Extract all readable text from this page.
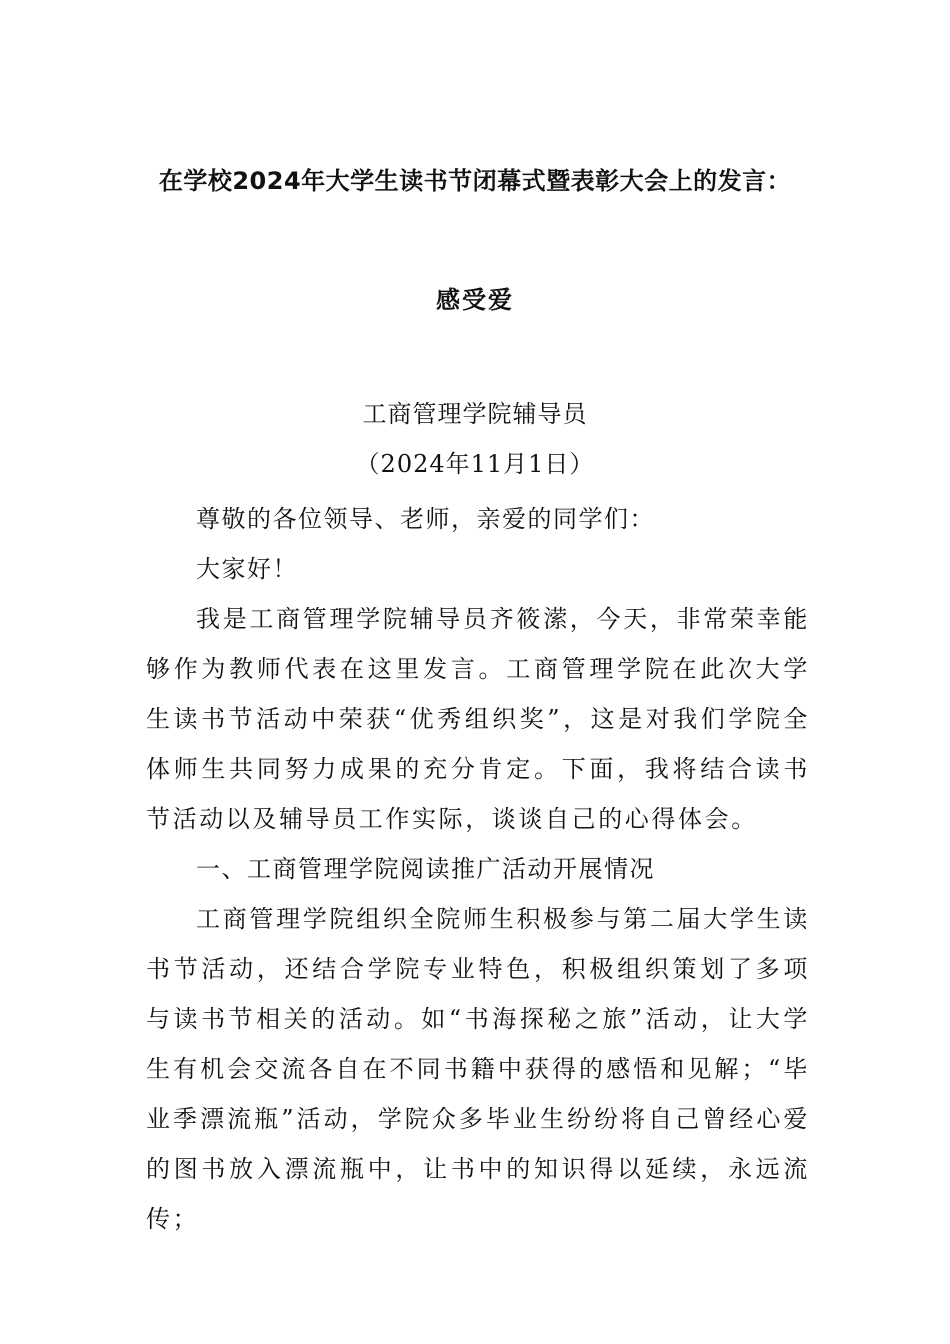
在学校2024年大学生读书节闭幕式暨表彰大会上的发言：
感受爱
工商管理学院辅导员
（2024年11月1日）

尊敬的各位领导、老师，亲爱的同学们：

大家好！

我是工商管理学院辅导员齐筱潆，今天，非常荣幸能够作为教师代表在这里发言。工商管理学院在此次大学生读书节活动中荣获“优秀组织奖”，这是对我们学院全体师生共同努力成果的充分肯定。下面，我将结合读书节活动以及辅导员工作实际，谈谈自己的心得体会。

一、工商管理学院阅读推广活动开展情况

工商管理学院组织全院师生积极参与第二届大学生读书节活动，还结合学院专业特色，积极组织策划了多项与读书节相关的活动。如“书海探秘之旅”活动，让大学生有机会交流各自在不同书籍中获得的感悟和见解；“毕业季漂流瓶”活动，学院众多毕业生纷纷将自己曾经心爱的图书放入漂流瓶中，让书中的知识得以延续，永远流传；
